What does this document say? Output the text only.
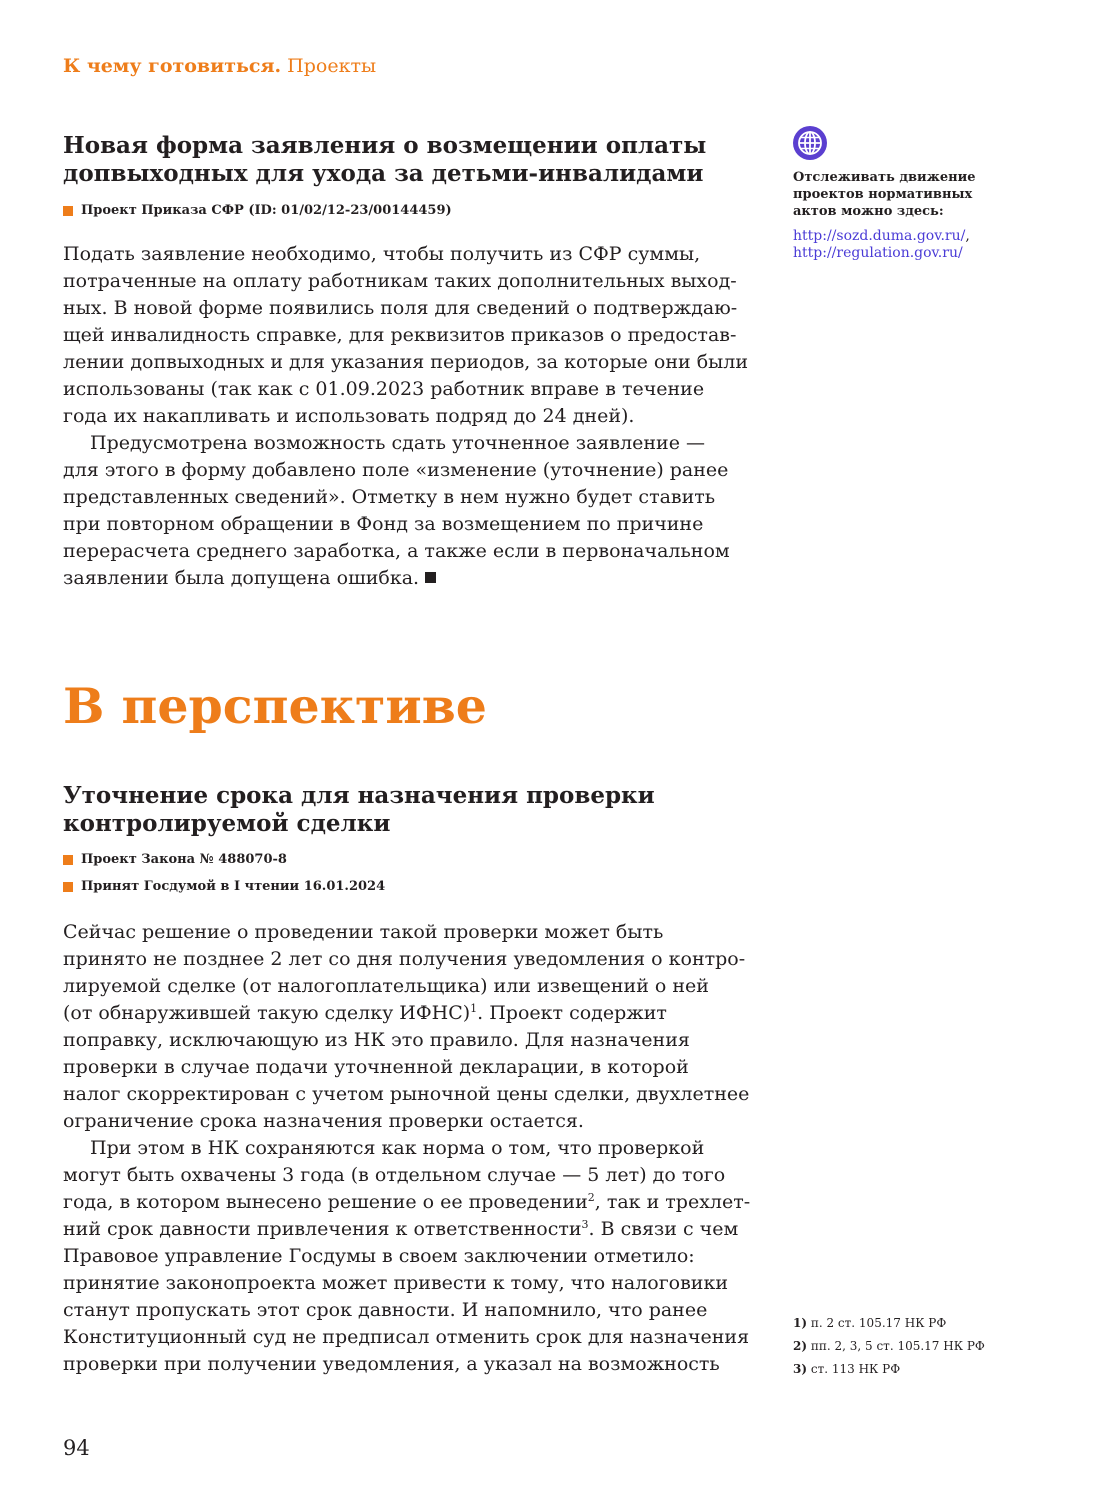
К чему готовиться. Проекты
Новая форма заявления о возмещении оплаты
допвыходных для ухода за детьми-инвалидами
Проект Приказа СФР (ID: 01/02/12-23/00144459)
Подать заявление необходимо, чтобы получить из СФР суммы,
потраченные на оплату работникам таких дополнительных выход-
ных. В новой форме появились поля для сведений о подтверждаю-
щей инвалидность справке, для реквизитов приказов о предостав-
лении допвыходных и для указания периодов, за которые они были
использованы (так как с 01.09.2023 работник вправе в течение
года их накапливать и использовать подряд до 24 дней).
Предусмотрена возможность сдать уточненное заявление —
для этого в форму добавлено поле «изменение (уточнение) ранее
представленных сведений». Отметку в нем нужно будет ставить
при повторном обращении в Фонд за возмещением по причине
перерасчета среднего заработка, а также если в первоначальном
заявлении была допущена ошибка.
Отслеживать движение
проектов нормативных
актов можно здесь:
http://sozd.duma.gov.ru/,
http://regulation.gov.ru/
В перспективе
Уточнение срока для назначения проверки
контролируемой сделки
Проект Закона № 488070-8
Принят Госдумой в I чтении 16.01.2024
Сейчас решение о проведении такой проверки может быть
принято не позднее 2 лет со дня получения уведомления о контро-
лируемой сделке (от налогоплательщика) или извещений о ней
(от обнаружившей такую сделку ИФНС)$^1$. Проект содержит
поправку, исключающую из НК это правило. Для назначения
проверки в случае подачи уточненной декларации, в которой
налог скорректирован с учетом рыночной цены сделки, двухлетнее
ограничение срока назначения проверки остается.
При этом в НК сохраняются как норма о том, что проверкой
могут быть охвачены 3 года (в отдельном случае — 5 лет) до того
года, в котором вынесено решение о ее проведении$^2$, так и трехлет-
ний срок давности привлечения к ответственности$^3$. В связи с чем
Правовое управление Госдумы в своем заключении отметило:
принятие законопроекта может привести к тому, что налоговики
станут пропускать этот срок давности. И напомнило, что ранее
Конституционный суд не предписал отменить срок для назначения
проверки при получении уведомления, а указал на возможность
1) п. 2 ст. 105.17 НК РФ
2) пп. 2, 3, 5 ст. 105.17 НК РФ
3) ст. 113 НК РФ
94
